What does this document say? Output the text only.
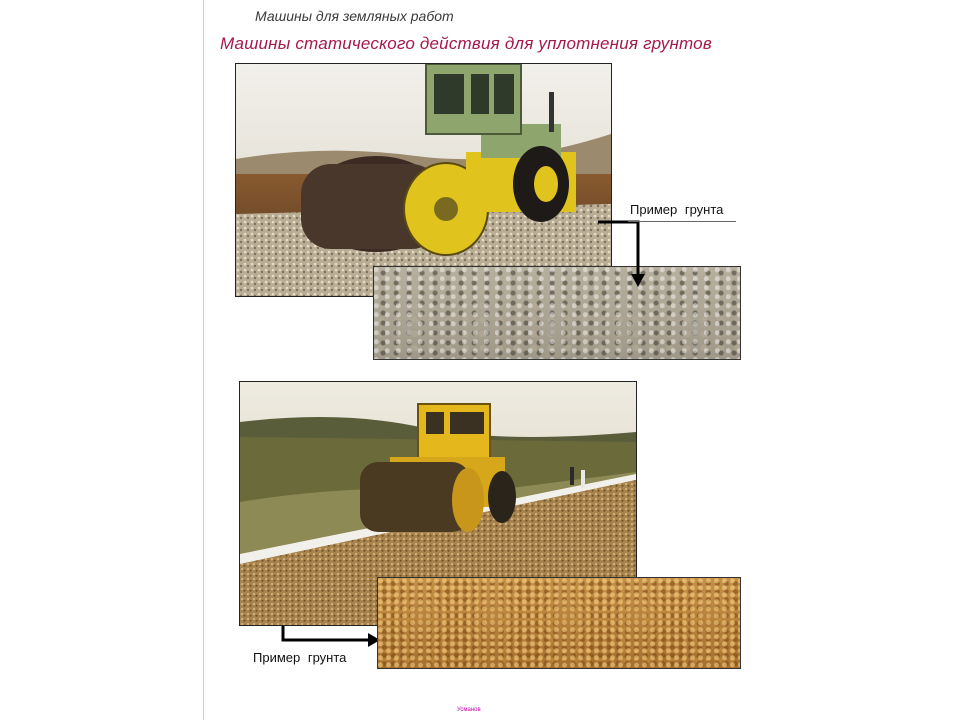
Машины для земляных работ
Машины статического действия для уплотнения грунтов
Пример грунта
Пример грунта
Усманов
